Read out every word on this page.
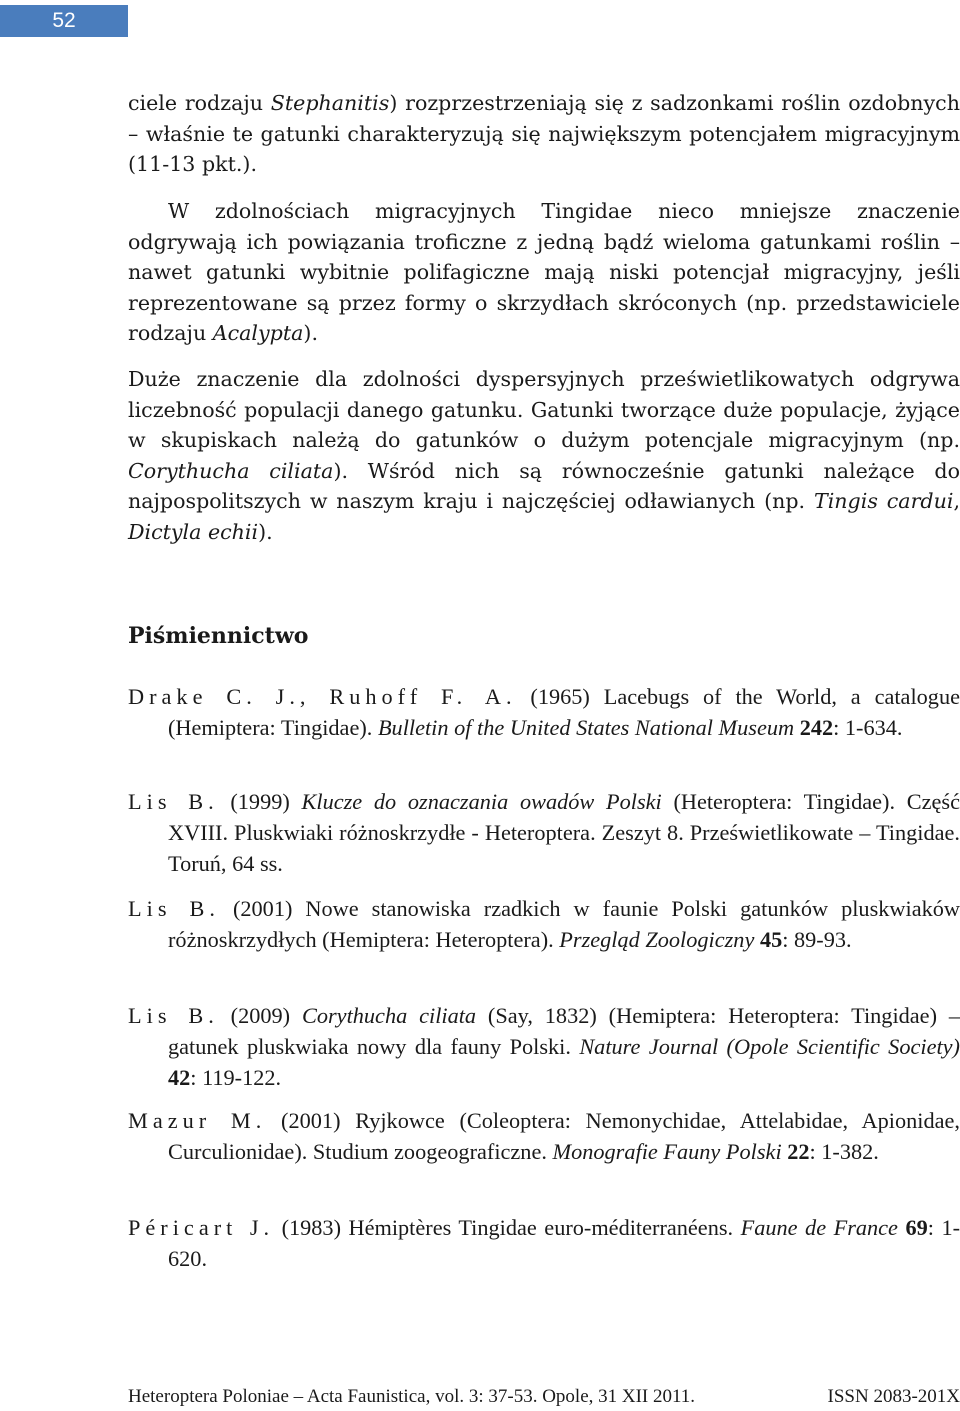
52

ciele rodzaju Stephanitis) rozprzestrzeniają się z sadzonkami roślin ozdobnych – właśnie te gatunki charakteryzują się największym potencjałem migracyjnym (11-13 pkt.).

W zdolnościach migracyjnych Tingidae nieco mniejsze znaczenie odgrywają ich powiązania troficzne z jedną bądź wieloma gatunkami roślin – nawet gatunki wybitnie polifagiczne mają niski potencjał migracyjny, jeśli reprezentowane są przez formy o skrzydłach skróconych (np. przedstawiciele rodzaju Acalypta).

Duże znaczenie dla zdolności dyspersyjnych prześwietlikowatych odgrywa liczebność populacji danego gatunku. Gatunki tworzące duże populacje, żyjące w skupiskach należą do gatunków o dużym potencjale migracyjnym (np. Corythucha ciliata). Wśród nich są równocześnie gatunki należące do najpospolitszych w naszym kraju i najczęściej odławianych (np. Tingis cardui, Dictyla echii).

Piśmiennictwo

Drake C. J., Ruhoff F. A. (1965) Lacebugs of the World, a catalogue (Hemiptera: Tingidae). Bulletin of the United States National Museum 242: 1-634.

Lis B. (1999) Klucze do oznaczania owadów Polski (Heteroptera: Tingidae). Część XVIII. Pluskwiaki różnoskrzydłe - Heteroptera. Zeszyt 8. Prześwietlikowate – Tingidae. Toruń, 64 ss.

Lis B. (2001) Nowe stanowiska rzadkich w faunie Polski gatunków pluskwiaków różnoskrzydłych (Hemiptera: Heteroptera). Przegląd Zoologiczny 45: 89-93.

Lis B. (2009) Corythucha ciliata (Say, 1832) (Hemiptera: Heteroptera: Tingidae) – gatunek pluskwiaka nowy dla fauny Polski. Nature Journal (Opole Scientific Society) 42: 119-122.

Mazur M. (2001) Ryjkowce (Coleoptera: Nemonychidae, Attelabidae, Apionidae, Curculionidae). Studium zoogeograficzne. Monografie Fauny Polski 22: 1-382.

Péricart J. (1983) Hémiptères Tingidae euro-méditerranéens. Faune de France 69: 1-620.

Heteroptera Poloniae – Acta Faunistica, vol. 3: 37-53. Opole, 31 XII 2011.	ISSN 2083-201X
